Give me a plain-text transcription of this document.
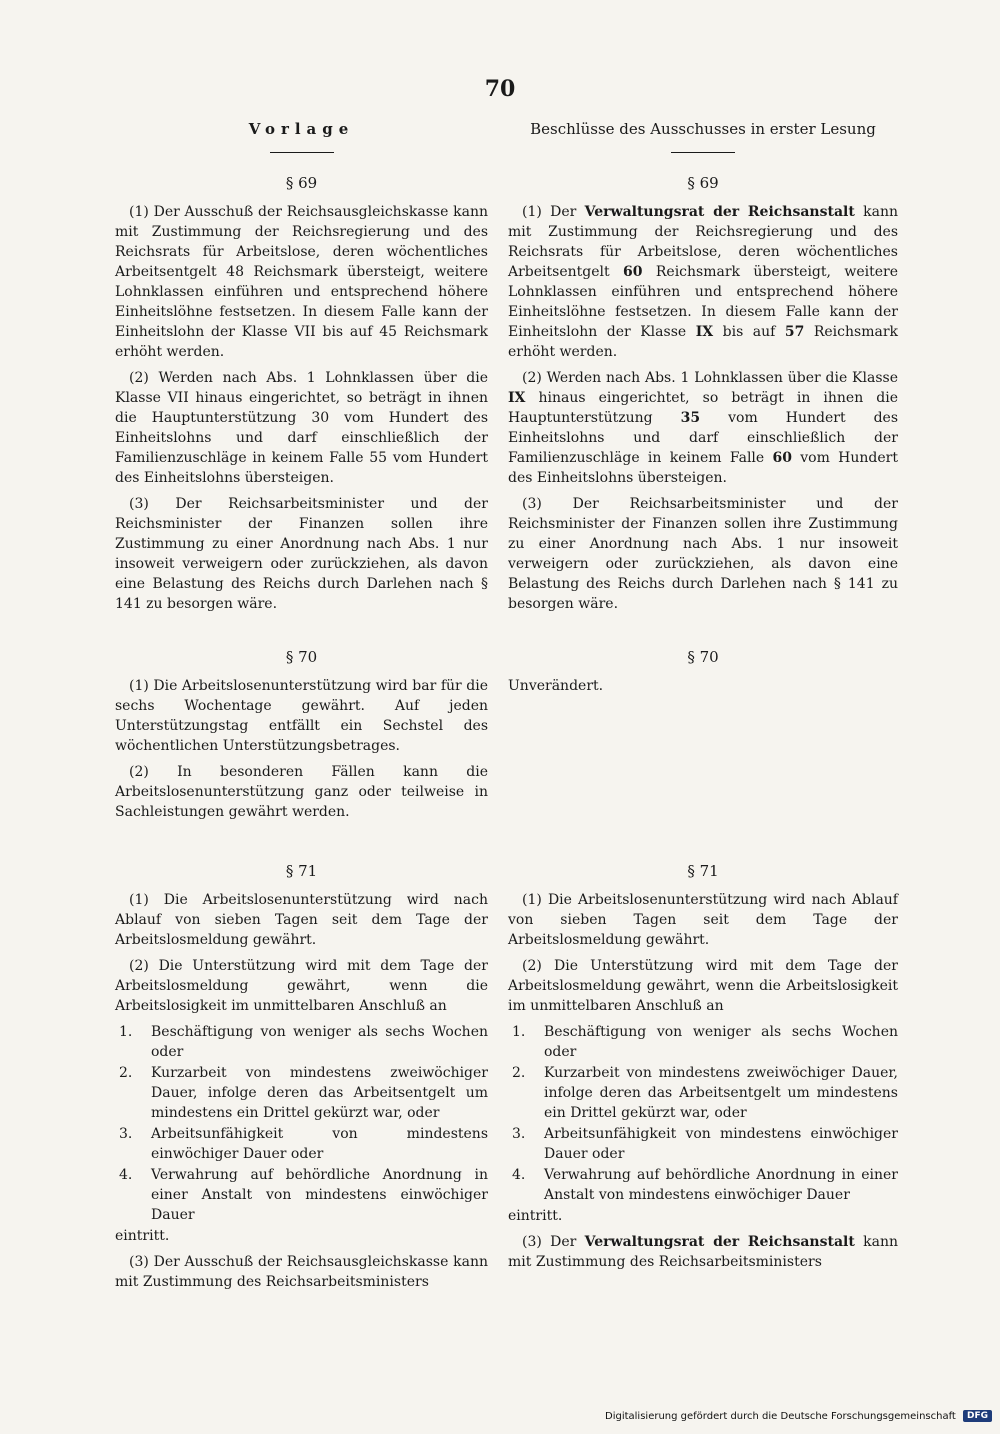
70
Vorlage
§ 69

(1) Der Ausschuß der Reichsausgleichskasse kann mit Zustimmung der Reichsregierung und des Reichsrats für Arbeitslose, deren wöchentliches Arbeitsentgelt 48 Reichsmark übersteigt, weitere Lohnklassen einführen und entsprechend höhere Einheitslöhne festsetzen. In diesem Falle kann der Einheitslohn der Klasse VII bis auf 45 Reichsmark erhöht werden.

(2) Werden nach Abs. 1 Lohnklassen über die Klasse VII hinaus eingerichtet, so beträgt in ihnen die Hauptunterstützung 30 vom Hundert des Einheitslohns und darf einschließlich der Familienzuschläge in keinem Falle 55 vom Hundert des Einheitslohns übersteigen.

(3) Der Reichsarbeitsminister und der Reichsminister der Finanzen sollen ihre Zustimmung zu einer Anordnung nach Abs. 1 nur insoweit verweigern oder zurückziehen, als davon eine Belastung des Reichs durch Darlehen nach § 141 zu besorgen wäre.

§ 70

(1) Die Arbeitslosenunterstützung wird bar für die sechs Wochentage gewährt. Auf jeden Unterstützungstag entfällt ein Sechstel des wöchentlichen Unterstützungsbetrages.

(2) In besonderen Fällen kann die Arbeitslosenunterstützung ganz oder teilweise in Sachleistungen gewährt werden.

§ 71

(1) Die Arbeitslosenunterstützung wird nach Ablauf von sieben Tagen seit dem Tage der Arbeitslosmeldung gewährt.

(2) Die Unterstützung wird mit dem Tage der Arbeitslosmeldung gewährt, wenn die Arbeitslosigkeit im unmittelbaren Anschluß an

1. Beschäftigung von weniger als sechs Wochen oder
2. Kurzarbeit von mindestens zweiwöchiger Dauer, infolge deren das Arbeitsentgelt um mindestens ein Drittel gekürzt war, oder
3. Arbeitsunfähigkeit von mindestens einwöchiger Dauer oder
4. Verwahrung auf behördliche Anordnung in einer Anstalt von mindestens einwöchiger Dauer

eintritt.

(3) Der Ausschuß der Reichsausgleichskasse kann mit Zustimmung des Reichsarbeitsministers

Beschlüsse des Ausschusses in erster Lesung
§ 69

(1) Der Verwaltungsrat der Reichsanstalt kann mit Zustimmung der Reichsregierung und des Reichsrats für Arbeitslose, deren wöchentliches Arbeitsentgelt 60 Reichsmark übersteigt, weitere Lohnklassen einführen und entsprechend höhere Einheitslöhne festsetzen. In diesem Falle kann der Einheitslohn der Klasse IX bis auf 57 Reichsmark erhöht werden.

(2) Werden nach Abs. 1 Lohnklassen über die Klasse IX hinaus eingerichtet, so beträgt in ihnen die Hauptunterstützung 35 vom Hundert des Einheitslohns und darf einschließlich der Familienzuschläge in keinem Falle 60 vom Hundert des Einheitslohns übersteigen.

(3) Der Reichsarbeitsminister und der Reichsminister der Finanzen sollen ihre Zustimmung zu einer Anordnung nach Abs. 1 nur insoweit verweigern oder zurückziehen, als davon eine Belastung des Reichs durch Darlehen nach § 141 zu besorgen wäre.

§ 70

Unverändert.

§ 71

(1) Die Arbeitslosenunterstützung wird nach Ablauf von sieben Tagen seit dem Tage der Arbeitslosmeldung gewährt.

(2) Die Unterstützung wird mit dem Tage der Arbeitslosmeldung gewährt, wenn die Arbeitslosigkeit im unmittelbaren Anschluß an

1. Beschäftigung von weniger als sechs Wochen oder
2. Kurzarbeit von mindestens zweiwöchiger Dauer, infolge deren das Arbeitsentgelt um mindestens ein Drittel gekürzt war, oder
3. Arbeitsunfähigkeit von mindestens einwöchiger Dauer oder
4. Verwahrung auf behördliche Anordnung in einer Anstalt von mindestens einwöchiger Dauer

eintritt.

(3) Der Verwaltungsrat der Reichsanstalt kann mit Zustimmung des Reichsarbeitsministers

Digitalisierung gefördert durch die Deutsche Forschungsgemeinschaft DFG
